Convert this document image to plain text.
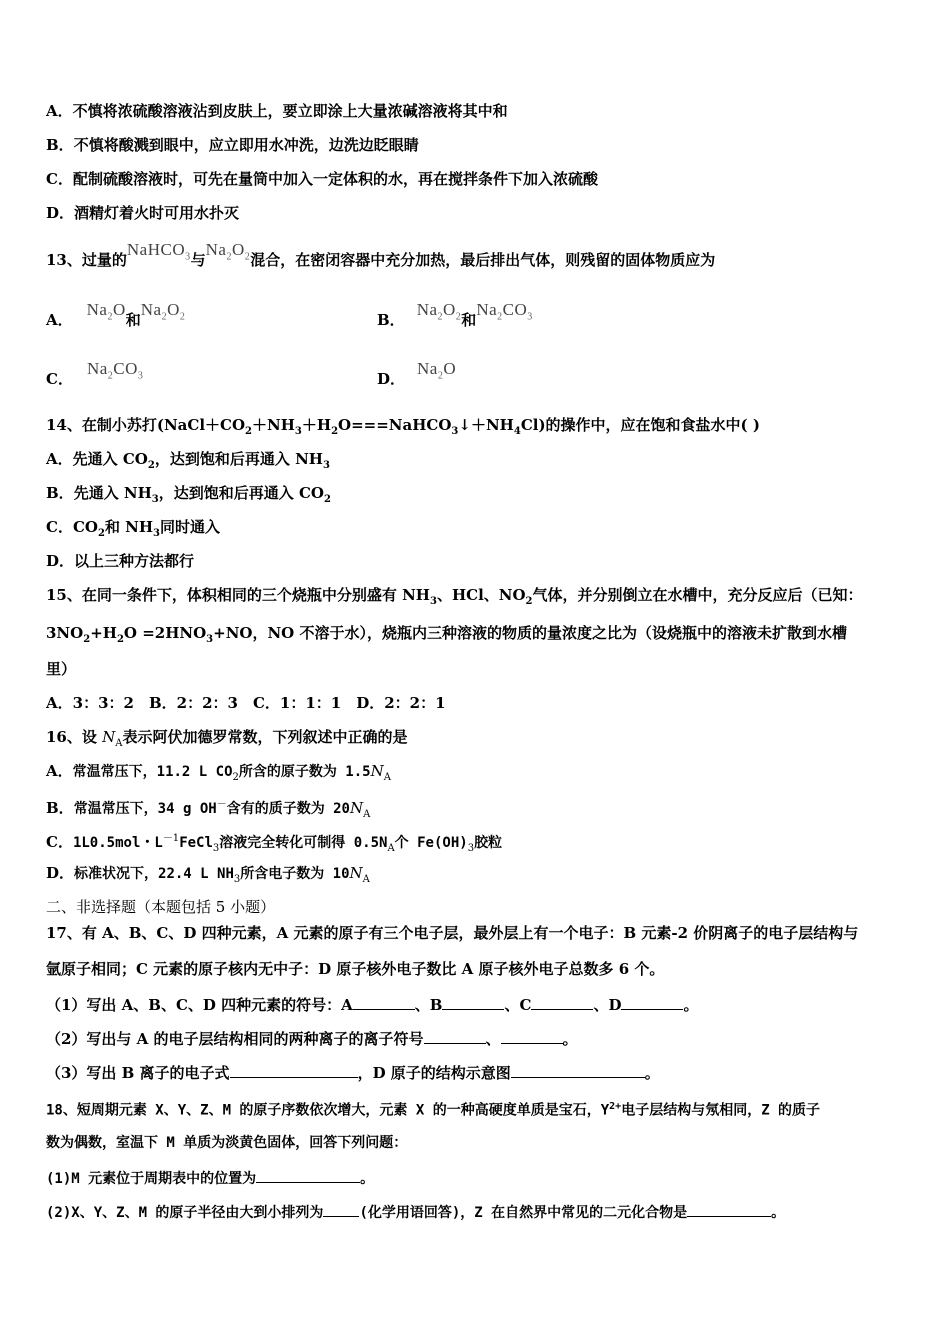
A．不慎将浓硫酸溶液沾到皮肤上，要立即涂上大量浓碱溶液将其中和
B．不慎将酸溅到眼中，应立即用水冲洗，边洗边眨眼睛
C．配制硫酸溶液时，可先在量筒中加入一定体积的水，再在搅拌条件下加入浓硫酸
D．酒精灯着火时可用水扑灭
13、过量的NaHCO$_3$与$Na_2O_2$混合，在密闭容器中充分加热，最后排出气体，则残留的固体物质应为
A．$Na_2O$和$Na_2O_2$	B．$Na_2O_2$和$Na_2CO_3$
C．$Na_2CO_3$	D．$Na_2O$
14、在制小苏打$(NaCl+CO_2+NH_3+H_2O===NaHCO_3↓+NH_4Cl)$的操作中，应在饱和食盐水中( )
A．先通入 $CO_2$，达到饱和后再通入 $NH_3$
B．先通入 $NH_3$，达到饱和后再通入 $CO_2$
C．$CO_2$和 $NH_3$同时通入
D．以上三种方法都行
15、在同一条件下，体积相同的三个烧瓶中分别盛有 $NH_3$、HCl、$NO_2$气体，并分别倒立在水槽中，充分反应后（已知：
$3NO_2+H_2O =2HNO_3+NO$，NO 不溶于水），烧瓶内三种溶液的物质的量浓度之比为（设烧瓶中的溶液未扩散到水槽
里）
A．3：3：2　B．2：2：3　C．1：1：1　D．2：2：1
16、设 $N_A$表示阿伏加德罗常数，下列叙述中正确的是
A．常温常压下，11.2 L $CO_2$所含的原子数为 $1.5N_A$
B．常温常压下，34 g OH－含有的质子数为 $20N_A$
C．1L0.5mol・$L^{-1}FeCl_3$溶液完全转化可制得 $0.5N_A$个 $Fe(OH)_3$胶粒
D．标准状况下，22.4 L $NH_3$所含电子数为 $10N_A$
二、非选择题（本题包括 5 小题）
17、有 A、B、C、D 四种元素，A 元素的原子有三个电子层，最外层上有一个电子：B 元素-2 价阴离子的电子层结构与
氩原子相同；C 元素的原子核内无中子：D 原子核外电子数比 A 原子核外电子总数多 6 个。
（1）写出 A、B、C、D 四种元素的符号：A	、B	、C	、D	。
（2）写出与 A 的电子层结构相同的两种离子的离子符号	、	。
（3）写出 B 离子的电子式	，D 原子的结构示意图	。
18、短周期元素 X、Y、Z、M 的原子序数依次增大，元素 X 的一种高硬度单质是宝石，$Y^{2+}$电子层结构与氖相同，Z 的质子
数为偶数，室温下 M 单质为淡黄色固体，回答下列问题：
(1)M 元素位于周期表中的位置为	。
(2)X、Y、Z、M 的原子半径由大到小排列为	(化学用语回答)，Z 在自然界中常见的二元化合物是	。
